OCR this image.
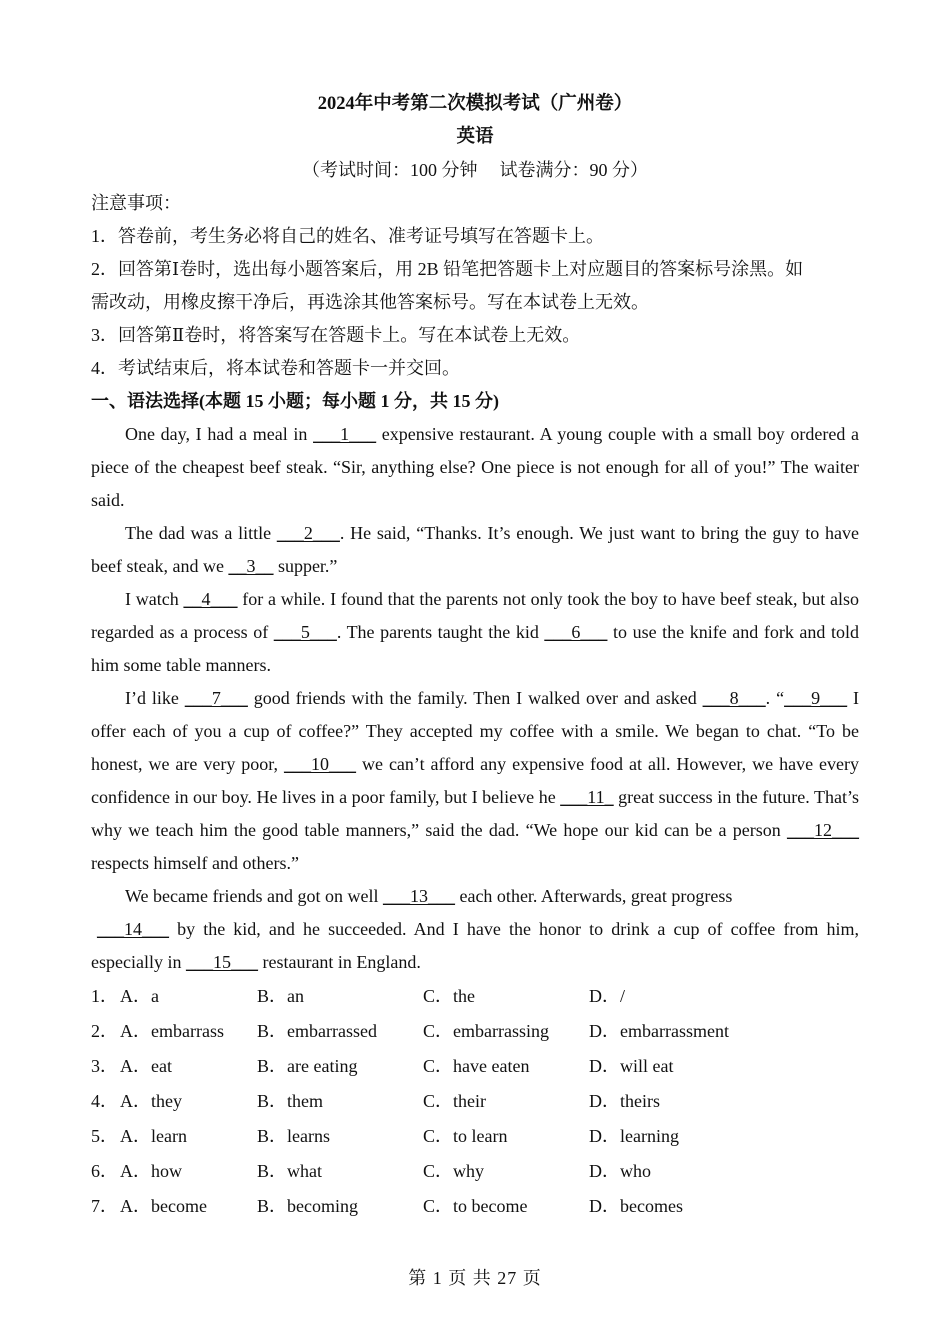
2024年中考第二次模拟考试（广州卷）
英语
（考试时间：100 分钟 试卷满分：90 分）
注意事项：
1．答卷前，考生务必将自己的姓名、准考证号填写在答题卡上。
2．回答第Ⅰ卷时，选出每小题答案后，用 2B 铅笔把答题卡上对应题目的答案标号涂黑。如
需改动，用橡皮擦干净后，再选涂其他答案标号。写在本试卷上无效。
3．回答第Ⅱ卷时，将答案写在答题卡上。写在本试卷上无效。
4．考试结束后，将本试卷和答题卡一并交回。
一、语法选择(本题 15 小题；每小题 1 分，共 15 分)
One day, I had a meal in ___1___ expensive restaurant. A young couple with a small boy ordered a piece of the cheapest beef steak. “Sir, anything else? One piece is not enough for all of you!” The waiter said.
The dad was a little ___2___. He said, “Thanks. It’s enough. We just want to bring the guy to have beef steak, and we __3__ supper.”
I watch __4___ for a while. I found that the parents not only took the boy to have beef steak, but also regarded as a process of ___5___. The parents taught the kid ___6___ to use the knife and fork and told him some table manners.
I’d like ___7___ good friends with the family. Then I walked over and asked ___8___. “___9___ I offer each of you a cup of coffee?” They accepted my coffee with a smile. We began to chat. “To be honest, we are very poor, ___10___ we can’t afford any expensive food at all. However, we have every confidence in our boy. He lives in a poor family, but I believe he ___11_ great success in the future. That’s why we teach him the good table manners,” said the dad. “We hope our kid can be a person ___12___ respects himself and others.”
We became friends and got on well ___13___ each other. Afterwards, great progress
___14___ by the kid, and he succeeded. And I have the honor to drink a cup of coffee from him, especially in ___15___ restaurant in England.
1． A．a	B．an	C．the	D．/
2． A．embarrass	B．embarrassed	C．embarrassing	D．embarrassment
3． A．eat	B．are eating	C．have eaten	D．will eat
4． A．they	B．them	C．their	D．theirs
5． A．learn	B．learns	C．to learn	D．learning
6． A．how	B．what	C．why	D．who
7． A．become	B．becoming	C．to become	D．becomes
第 1 页 共 27 页
